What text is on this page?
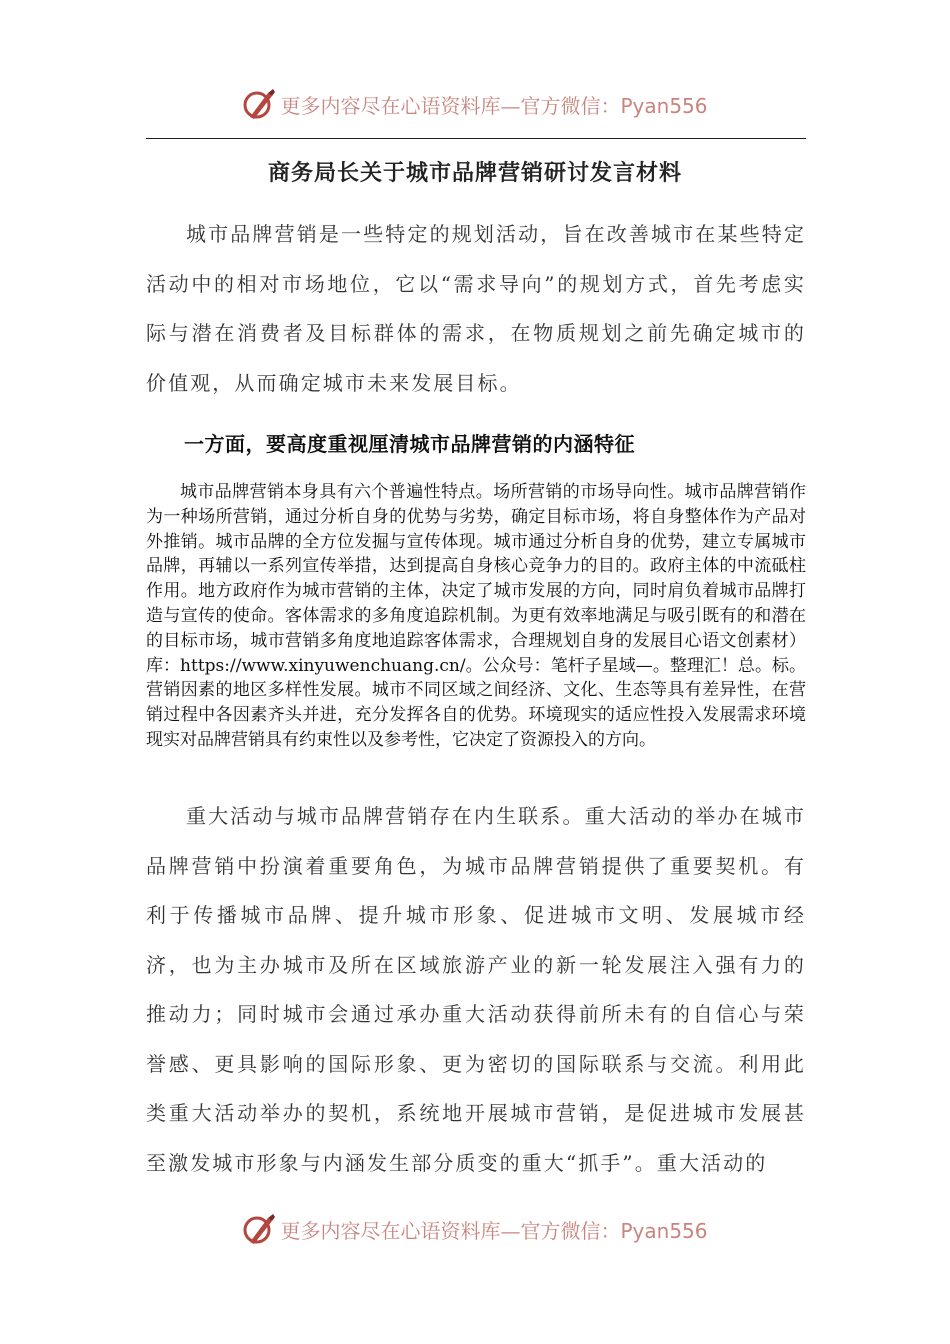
更多内容尽在心语资料库—官方微信：Pyan556
商务局长关于城市品牌营销研讨发言材料

城市品牌营销是一些特定的规划活动，旨在改善城市在某些特定活动中的相对市场地位，它以“需求导向”的规划方式，首先考虑实际与潜在消费者及目标群体的需求，在物质规划之前先确定城市的价值观，从而确定城市未来发展目标。

一方面，要高度重视厘清城市品牌营销的内涵特征

城市品牌营销本身具有六个普遍性特点。场所营销的市场导向性。城市品牌营销作为一种场所营销，通过分析自身的优势与劣势，确定目标市场，将自身整体作为产品对外推销。城市品牌的全方位发掘与宣传体现。城市通过分析自身的优势，建立专属城市品牌，再辅以一系列宣传举措，达到提高自身核心竞争力的目的。政府主体的中流砥柱作用。地方政府作为城市营销的主体，决定了城市发展的方向，同时肩负着城市品牌打造与宣传的使命。客体需求的多角度追踪机制。为更有效率地满足与吸引既有的和潜在的目标市场，城市营销多角度地追踪客体需求，合理规划自身的发展目心语文创素材）库：https://www.xinyuwenchuang.cn/。公众号：笔杆子星域—。整理汇！总。标。营销因素的地区多样性发展。城市不同区域之间经济、文化、生态等具有差异性，在营销过程中各因素齐头并进，充分发挥各自的优势。环境现实的适应性投入发展需求环境现实对品牌营销具有约束性以及参考性，它决定了资源投入的方向。

重大活动与城市品牌营销存在内生联系。重大活动的举办在城市品牌营销中扮演着重要角色，为城市品牌营销提供了重要契机。有利于传播城市品牌、提升城市形象、促进城市文明、发展城市经济，也为主办城市及所在区域旅游产业的新一轮发展注入强有力的推动力；同时城市会通过承办重大活动获得前所未有的自信心与荣誉感、更具影响的国际形象、更为密切的国际联系与交流。利用此类重大活动举办的契机，系统地开展城市营销，是促进城市发展甚至激发城市形象与内涵发生部分质变的重大“抓手”。重大活动的

更多内容尽在心语资料库—官方微信：Pyan556
